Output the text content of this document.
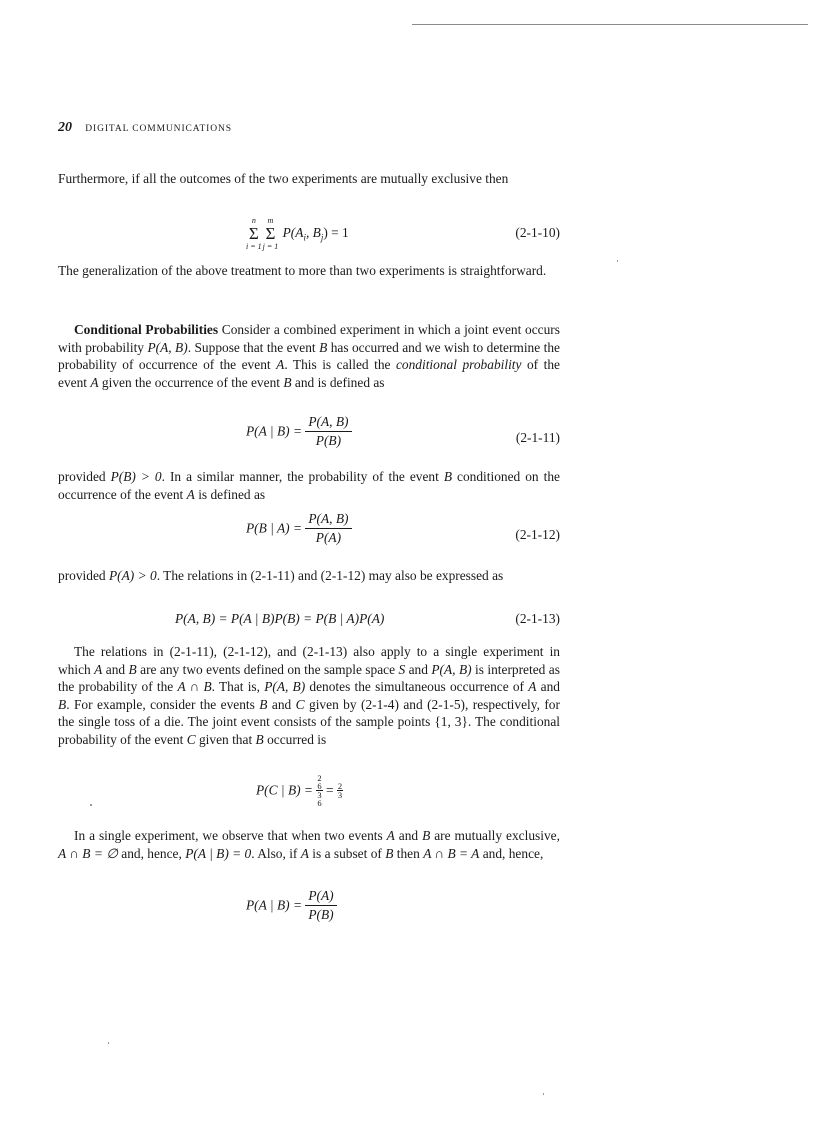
20 DIGITAL COMMUNICATIONS

Furthermore, if all the outcomes of the two experiments are mutually exclusive then

n
Σ
i = 1
m
Σ
j = 1
$P(A_i$, $B_j) = 1$	(2-1-10)

The generalization of the above treatment to more than two experiments is straightforward.

Conditional Probabilities Consider a combined experiment in which a joint event occurs with probability P(A, B). Suppose that the event B has occurred and we wish to determine the probability of occurrence of the event A. This is called the conditional probability of the event A given the occurrence of the event B and is defined as

P(A | $B) = \frac{P(A, B)}{P(B)}$	(2-1-11)

provided P(B) > 0. In a similar manner, the probability of the event B conditioned on the occurrence of the event A is defined as

P(B | $A) = \frac{P(A, B)}{P(A)}$	(2-1-12)

provided P(A) > 0. The relations in (2-1-11) and (2-1-12) may also be expressed as

P(A, B) = P(A | B)P(B) = P(B | A)P(A)	(2-1-13)

The relations in (2-1-11), (2-1-12), and (2-1-13) also apply to a single experiment in which A and B are any two events defined on the sample space S and P(A, B) is interpreted as the probability of the A ∩ B. That is, P(A, B) denotes the simultaneous occurrence of A and B. For example, consider the events B and C given by (2-1-4) and (2-1-5), respectively, for the single toss of a die. The joint event consists of the sample points {1, 3}. The conditional probability of the event C given that B occurred is

P(C | B) =
2
6
3
6
= $\frac{2}{3}$

In a single experiment, we observe that when two events A and B are mutually exclusive, A ∩ B = ∅ and, hence, P(A | B) = 0. Also, if A is a subset of B then A ∩ B = A and, hence,

P(A | $B) = \frac{P(A)}{P(B)}$
